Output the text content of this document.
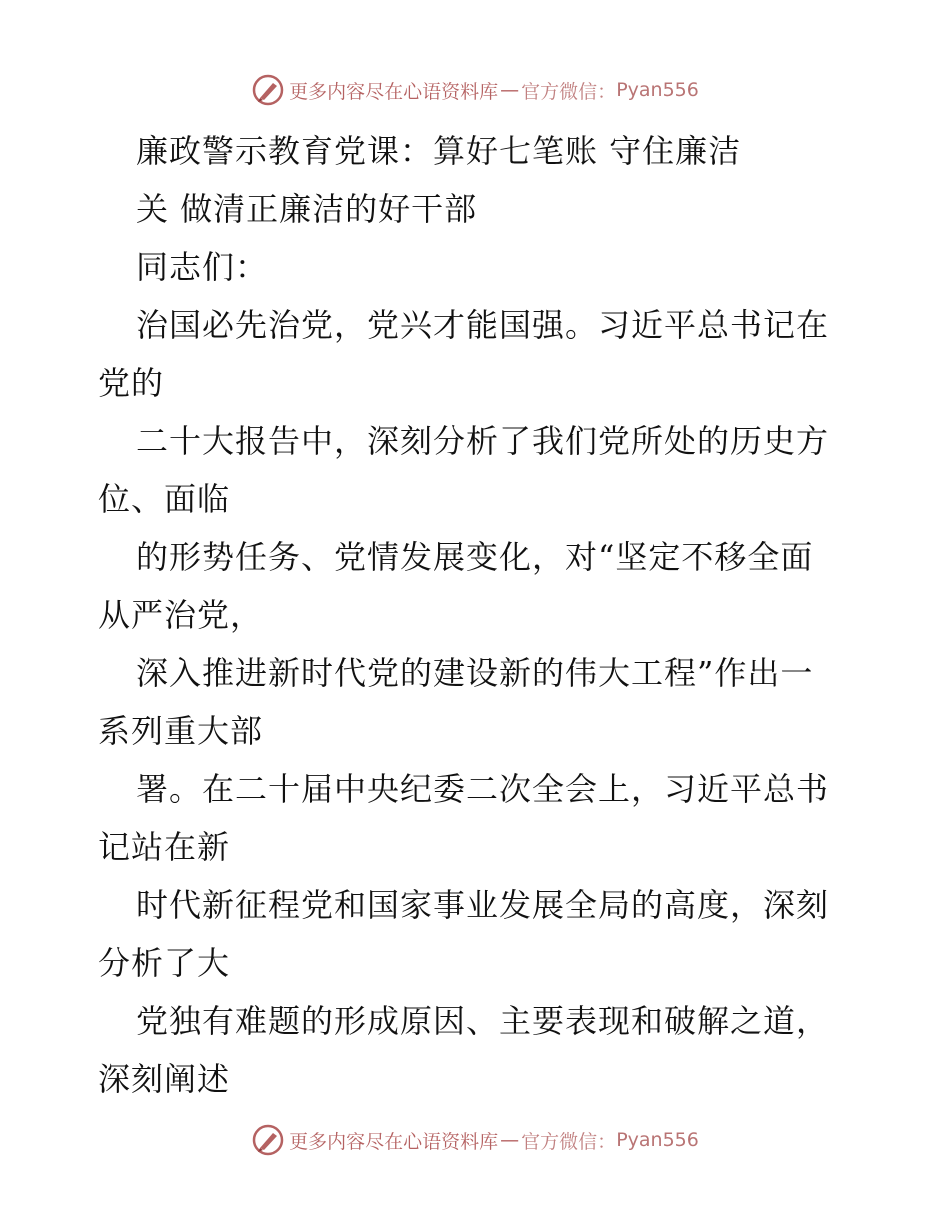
更多内容尽在心语资料库 — 官方微信： Pyan556
廉政警示教育党课：算好七笔账 守住廉洁
关 做清正廉洁的好干部
同志们：
治国必先治党，党兴才能国强。习近平总书记在
党的
二十大报告中，深刻分析了我们党所处的历史方
位、面临
的形势任务、党情发展变化，对“坚定不移全面
从严治党，
深入推进新时代党的建设新的伟大工程”作出一
系列重大部
署。在二十届中央纪委二次全会上，习近平总书
记站在新
时代新征程党和国家事业发展全局的高度，深刻
分析了大
党独有难题的形成原因、主要表现和破解之道，
深刻阐述
更多内容尽在心语资料库 — 官方微信： Pyan556
